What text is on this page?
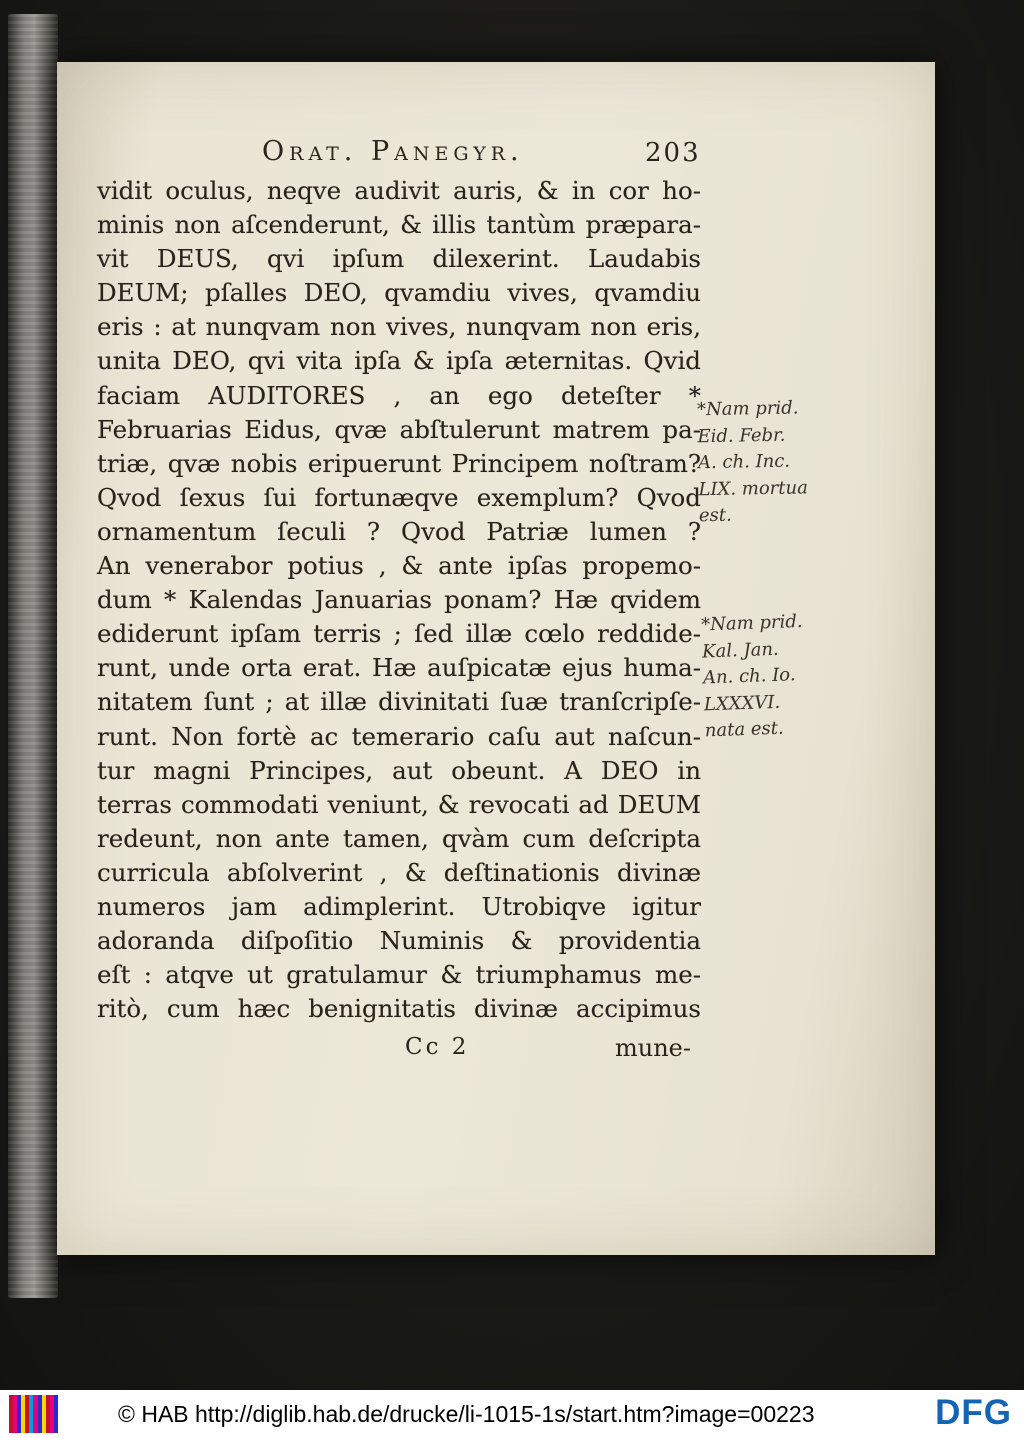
Orat. Panegyr.	203
vidit oculus, neqve audivit auris, & in cor ho-
minis non aſcenderunt, & illis tantùm præpara-
vit DEUS, qvi ipſum dilexerint. Laudabis
DEUM; pſalles DEO, qvamdiu vives, qvamdiu
eris : at nunqvam non vives, nunqvam non eris,
unita DEO, qvi vita ipſa & ipſa æternitas. Qvid
faciam AUDITORES , an ego deteſter *
Februarias Eidus, qvæ abſtulerunt matrem pa-
triæ, qvæ nobis eripuerunt Principem noſtram?
Qvod ſexus ſui fortunæqve exemplum? Qvod
ornamentum ſeculi ? Qvod Patriæ lumen ?
An venerabor potius , & ante ipſas propemo-
dum * Kalendas Januarias ponam? Hæ qvidem
ediderunt ipſam terris ; ſed illæ cœlo reddide-
runt, unde orta erat. Hæ auſpicatæ ejus huma-
nitatem ſunt ; at illæ divinitati ſuæ tranſcripſe-
runt. Non fortè ac temerario caſu aut naſcun-
tur magni Principes, aut obeunt. A DEO in
terras commodati veniunt, & revocati ad DEUM
redeunt, non ante tamen, qvàm cum deſcripta
curricula abſolverint , & deſtinationis divinæ
numeros jam adimplerint. Utrobiqve igitur
adoranda diſpoſitio Numinis & providentia
eſt : atqve ut gratulamur & triumphamus me-
ritò, cum hæc benignitatis divinæ accipimus
*Nam prid.
Eid. Febr.
A. ch. Inc.
LIX. mortua
est.
*Nam prid.
Kal. Jan.
An. ch. Io.
LXXXVI.
nata est.
Cc 2	mune-
© HAB http://diglib.hab.de/drucke/li-1015-1s/start.htm?image=00223	DFG
